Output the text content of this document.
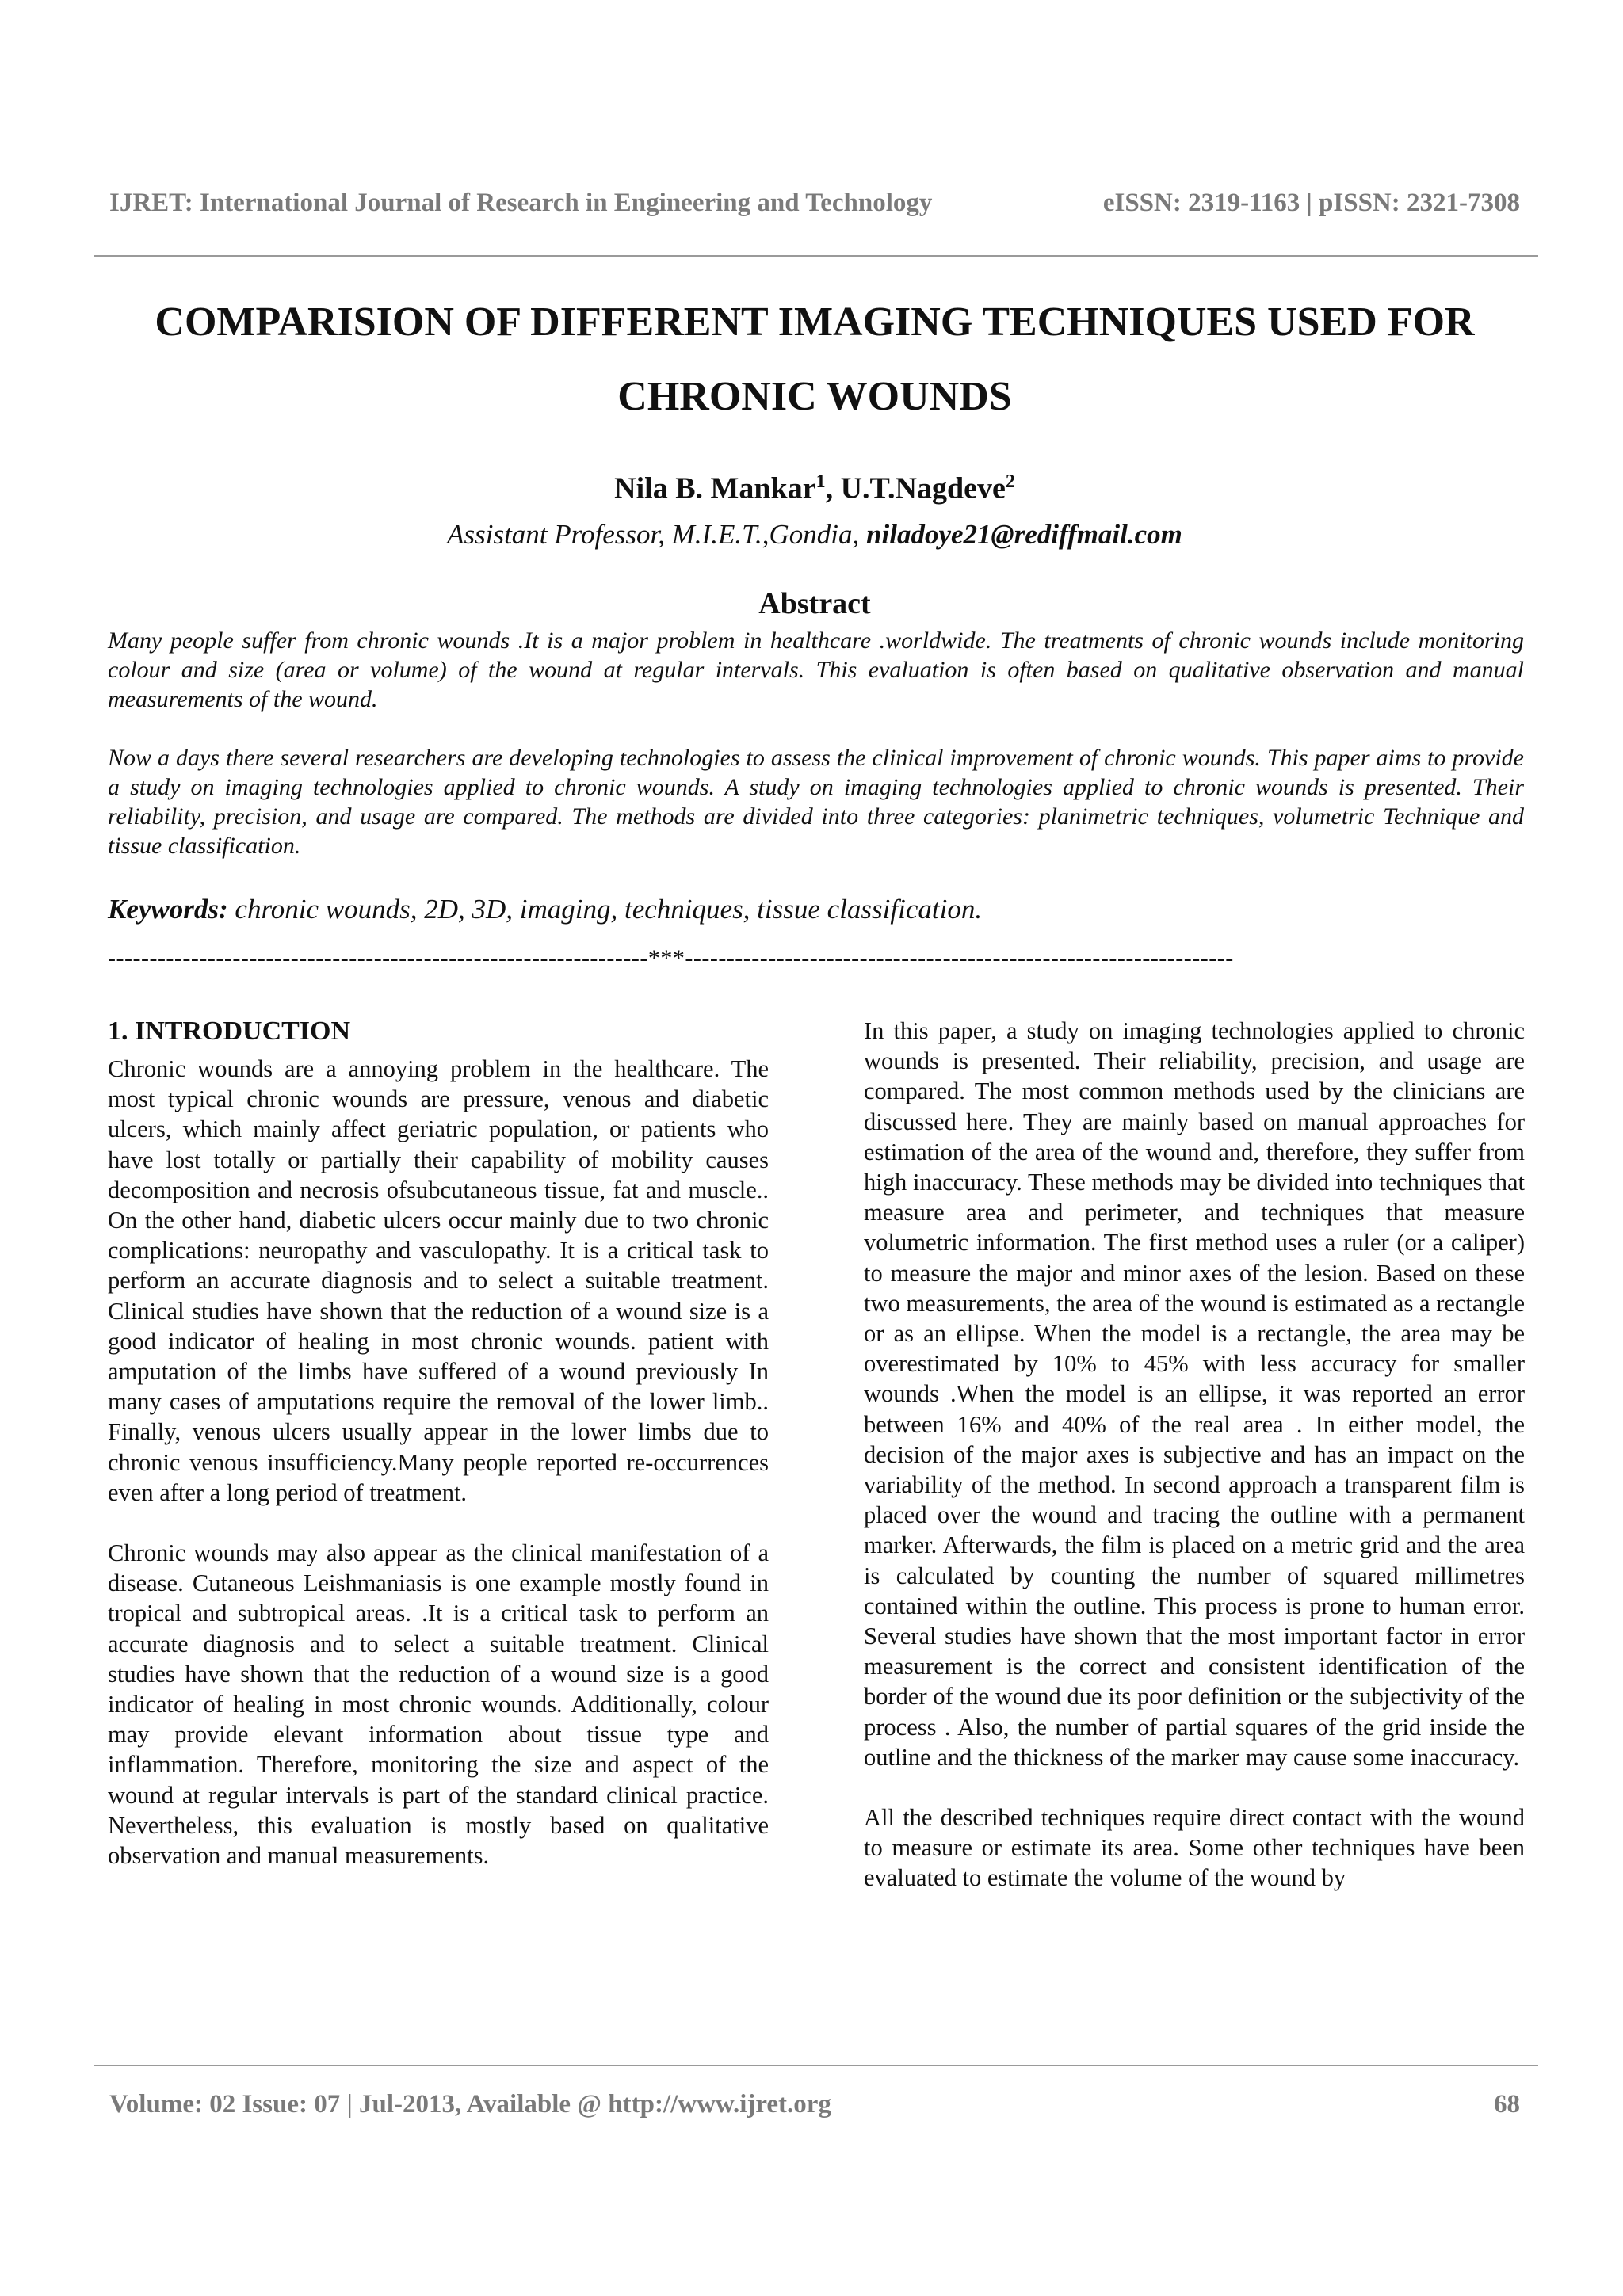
IJRET: International Journal of Research in Engineering and Technology	eISSN: 2319-1163 | pISSN: 2321-7308
COMPARISION OF DIFFERENT IMAGING TECHNIQUES USED FOR
CHRONIC WOUNDS
Nila B. Mankar$^1$, U.T.Nagdeve$^2$
Assistant Professor, M.I.E.T.,Gondia, niladoye21@rediffmail.com
Abstract

Many people suffer from chronic wounds .It is a major problem in healthcare .worldwide. The treatments of chronic wounds include monitoring colour and size (area or volume) of the wound at regular intervals. This evaluation is often based on qualitative observation and manual measurements of the wound.

Now a days there several researchers are developing technologies to assess the clinical improvement of chronic wounds. This paper aims to provide a study on imaging technologies applied to chronic wounds. A study on imaging technologies applied to chronic wounds is presented. Their reliability, precision, and usage are compared. The methods are divided into three categories: planimetric techniques, volumetric Technique and tissue classification.

Keywords: chronic wounds, 2D, 3D, imaging, techniques, tissue classification.
-----------------------------------------------------------------***------------------------------------------------------------------
1. INTRODUCTION

Chronic wounds are a annoying problem in the healthcare. The most typical chronic wounds are pressure, venous and diabetic ulcers, which mainly affect geriatric population, or patients who have lost totally or partially their capability of mobility causes decomposition and necrosis ofsubcutaneous tissue, fat and muscle.. On the other hand, diabetic ulcers occur mainly due to two chronic complications: neuropathy and vasculopathy. It is a critical task to perform an accurate diagnosis and to select a suitable treatment. Clinical studies have shown that the reduction of a wound size is a good indicator of healing in most chronic wounds. patient with amputation of the limbs have suffered of a wound previously In many cases of amputations require the removal of the lower limb.. Finally, venous ulcers usually appear in the lower limbs due to chronic venous insufficiency.Many people reported re-occurrences even after a long period of treatment.

Chronic wounds may also appear as the clinical manifestation of a disease. Cutaneous Leishmaniasis is one example mostly found in tropical and subtropical areas. .It is a critical task to perform an accurate diagnosis and to select a suitable treatment. Clinical studies have shown that the reduction of a wound size is a good indicator of healing in most chronic wounds. Additionally, colour may provide elevant information about tissue type and inflammation. Therefore, monitoring the size and aspect of the wound at regular intervals is part of the standard clinical practice. Nevertheless, this evaluation is mostly based on qualitative observation and manual measurements.

In this paper, a study on imaging technologies applied to chronic wounds is presented. Their reliability, precision, and usage are compared. The most common methods used by the clinicians are discussed here. They are mainly based on manual approaches for estimation of the area of the wound and, therefore, they suffer from high inaccuracy. These methods may be divided into techniques that measure area and perimeter, and techniques that measure volumetric information. The first method uses a ruler (or a caliper) to measure the major and minor axes of the lesion. Based on these two measurements, the area of the wound is estimated as a rectangle or as an ellipse. When the model is a rectangle, the area may be overestimated by 10% to 45% with less accuracy for smaller wounds .When the model is an ellipse, it was reported an error between 16% and 40% of the real area . In either model, the decision of the major axes is subjective and has an impact on the variability of the method. In second approach a transparent film is placed over the wound and tracing the outline with a permanent marker. Afterwards, the film is placed on a metric grid and the area is calculated by counting the number of squared millimetres contained within the outline. This process is prone to human error. Several studies have shown that the most important factor in error measurement is the correct and consistent identification of the border of the wound due its poor definition or the subjectivity of the process . Also, the number of partial squares of the grid inside the outline and the thickness of the marker may cause some inaccuracy.

All the described techniques require direct contact with the wound to measure or estimate its area. Some other techniques have been evaluated to estimate the volume of the wound by

Volume: 02 Issue: 07 | Jul-2013, Available @ http://www.ijret.org	68
